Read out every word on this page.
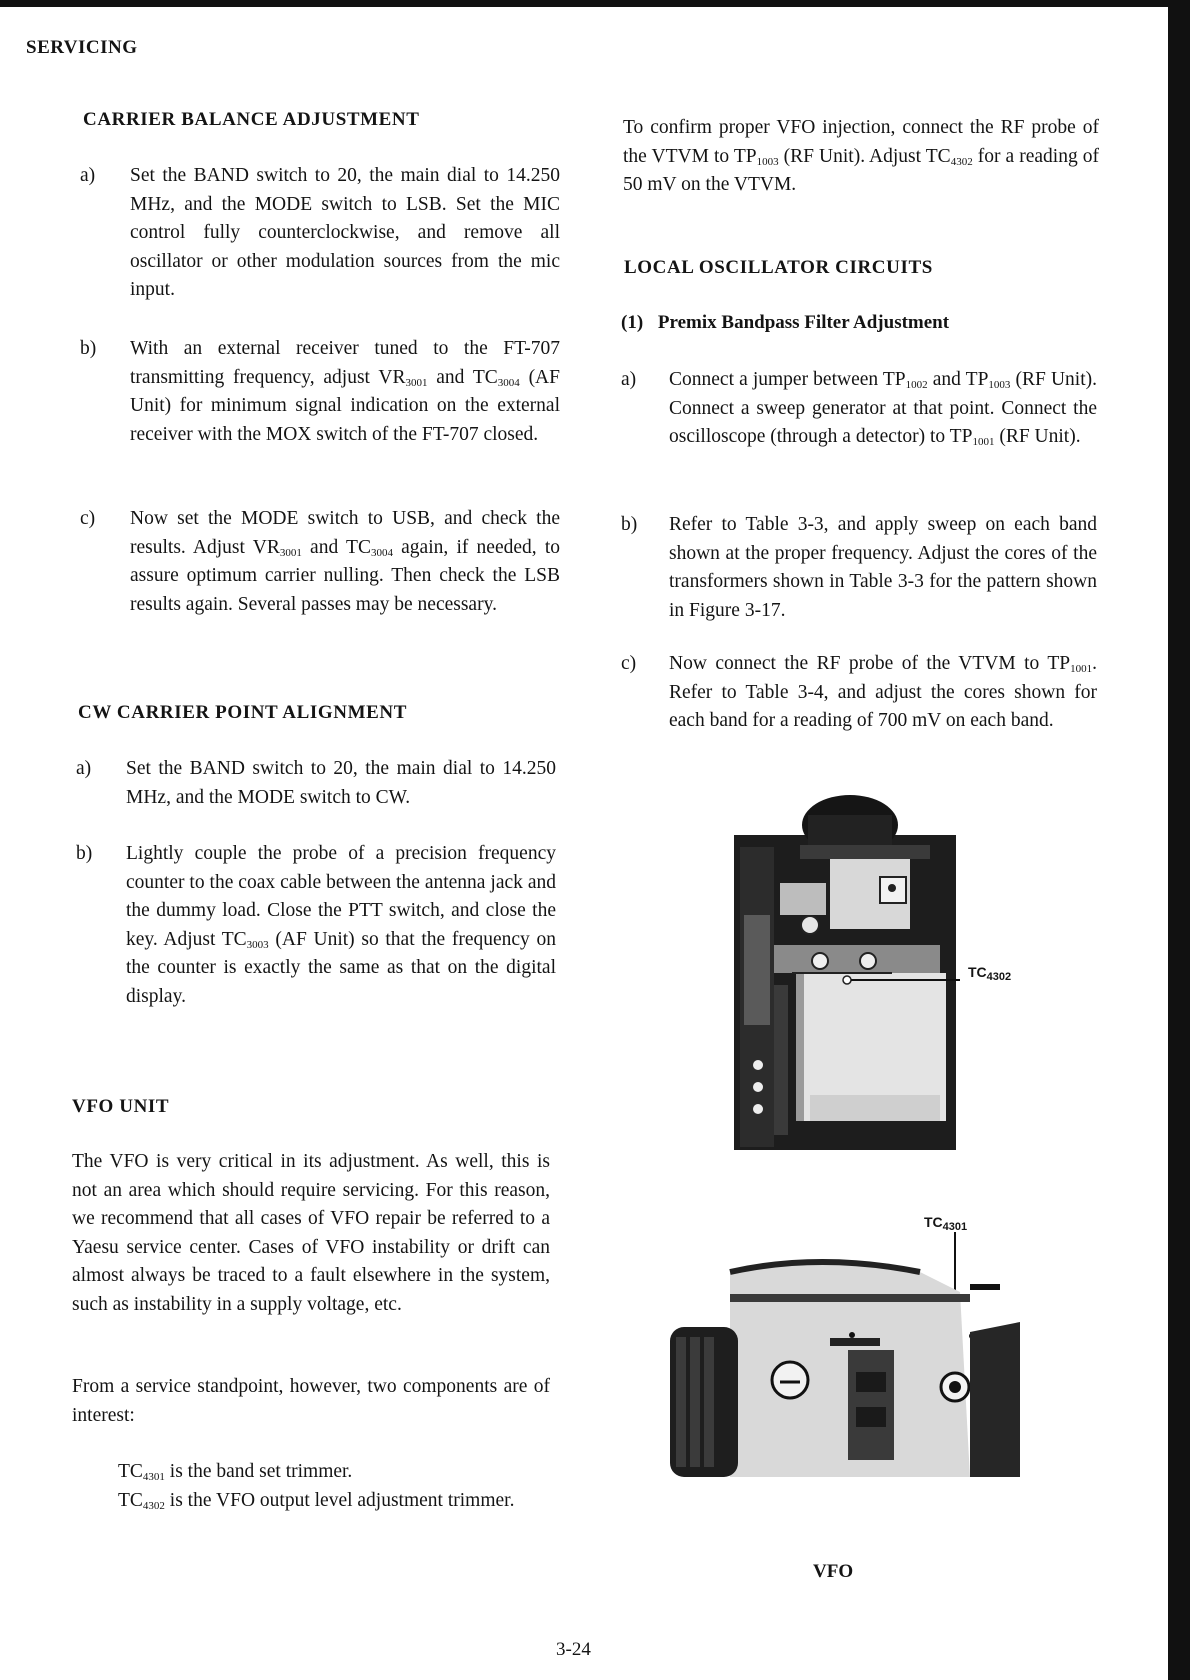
SERVICING
CARRIER BALANCE ADJUSTMENT
a) Set the BAND switch to 20, the main dial to 14.250 MHz, and the MODE switch to LSB. Set the MIC control fully counterclockwise, and remove all oscillator or other modulation sources from the mic input.
b) With an external receiver tuned to the FT-707 transmitting frequency, adjust $VR_{3001}$ and $TC_{3004}$ (AF Unit) for minimum signal indication on the external receiver with the MOX switch of the FT-707 closed.
c) Now set the MODE switch to USB, and check the results. Adjust $VR_{3001}$ and $TC_{3004}$ again, if needed, to assure optimum carrier nulling. Then check the LSB results again. Several passes may be necessary.
CW CARRIER POINT ALIGNMENT
a) Set the BAND switch to 20, the main dial to 14.250 MHz, and the MODE switch to CW.
b) Lightly couple the probe of a precision frequency counter to the coax cable between the antenna jack and the dummy load. Close the PTT switch, and close the key. Adjust $TC_{3003}$ (AF Unit) so that the frequency on the counter is exactly the same as that on the digital display.
VFO UNIT
The VFO is very critical in its adjustment. As well, this is not an area which should require servicing. For this reason, we recommend that all cases of VFO repair be referred to a Yaesu service center. Cases of VFO instability or drift can almost always be traced to a fault elsewhere in the system, such as instability in a supply voltage, etc.
From a service standpoint, however, two components are of interest:
$TC_{4301}$ is the band set trimmer.
$TC_{4302}$ is the VFO output level adjustment trimmer.
To confirm proper VFO injection, connect the RF probe of the VTVM to $TP_{1003}$ (RF Unit). Adjust $TC_{4302}$ for a reading of 50 mV on the VTVM.
LOCAL OSCILLATOR CIRCUITS
(1) Premix Bandpass Filter Adjustment
a) Connect a jumper between $TP_{1002}$ and $TP_{1003}$ (RF Unit). Connect a sweep generator at that point. Connect the oscilloscope (through a detector) to $TP_{1001}$ (RF Unit).
b) Refer to Table 3-3, and apply sweep on each band shown at the proper frequency. Adjust the cores of the transformers shown in Table 3-3 for the pattern shown in Figure 3-17.
c) Now connect the RF probe of the VTVM to $TP_{1001}$. Refer to Table 3-4, and adjust the cores shown for each band for a reading of 700 mV on each band.
$TC_{4302}$
$TC_{4301}$
VFO
3-24
